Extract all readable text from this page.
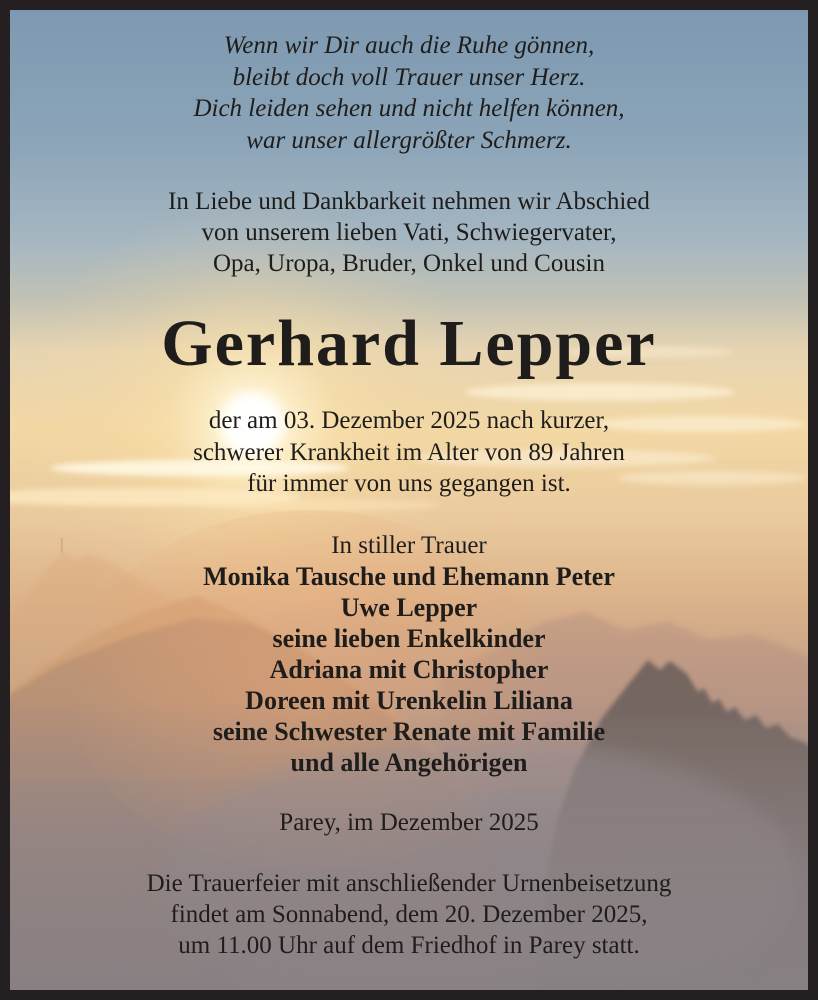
Wenn wir Dir auch die Ruhe gönnen,
bleibt doch voll Trauer unser Herz.
Dich leiden sehen und nicht helfen können,
war unser allergrößter Schmerz.
In Liebe und Dankbarkeit nehmen wir Abschied
von unserem lieben Vati, Schwiegervater,
Opa, Uropa, Bruder, Onkel und Cousin
Gerhard Lepper
der am 03. Dezember 2025 nach kurzer,
schwerer Krankheit im Alter von 89 Jahren
für immer von uns gegangen ist.
In stiller Trauer
Monika Tausche und Ehemann Peter
Uwe Lepper
seine lieben Enkelkinder
Adriana mit Christopher
Doreen mit Urenkelin Liliana
seine Schwester Renate mit Familie
und alle Angehörigen
Parey, im Dezember 2025
Die Trauerfeier mit anschließender Urnenbeisetzung
findet am Sonnabend, dem 20. Dezember 2025,
um 11.00 Uhr auf dem Friedhof in Parey statt.
